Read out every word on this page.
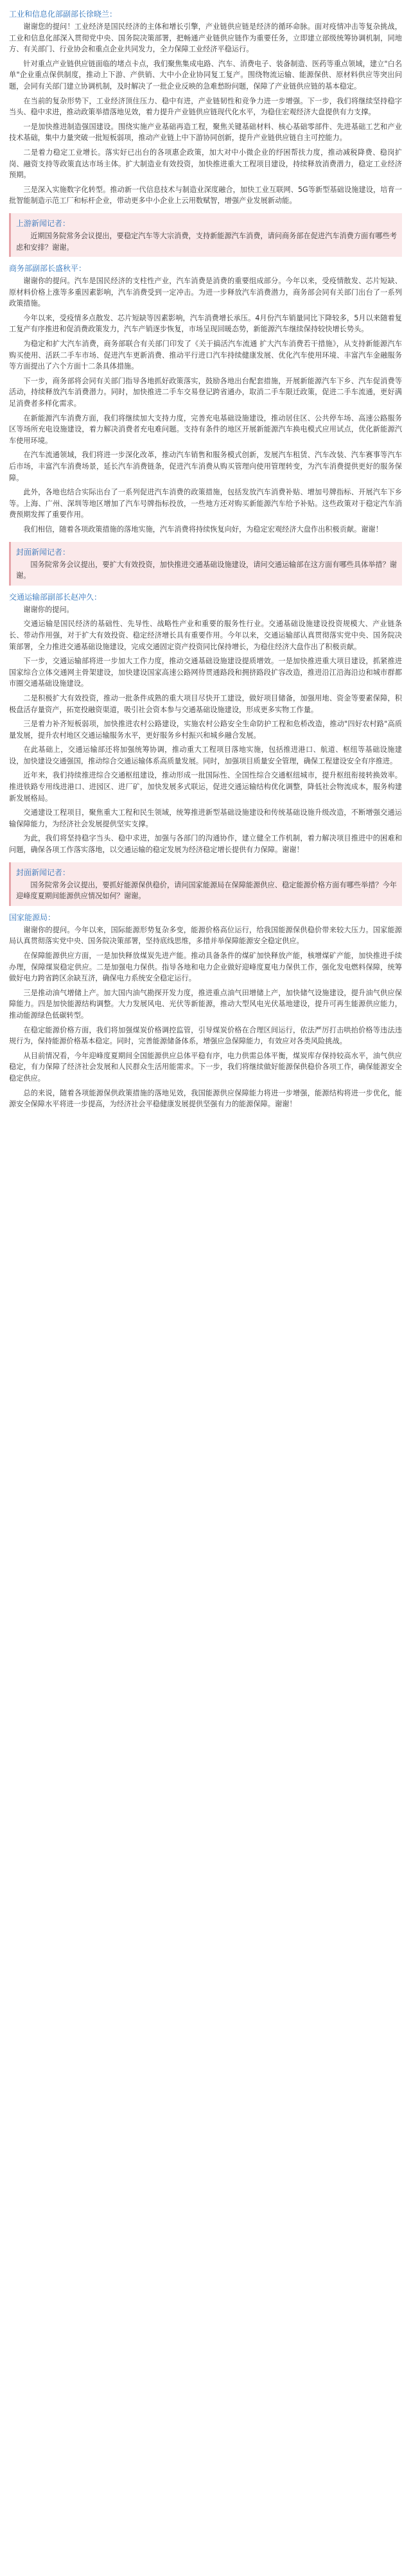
工业和信息化部副部长徐晓兰：

谢谢您的提问！工业经济是国民经济的主体和增长引擎，产业链供应链是经济的循环命脉。面对疫情冲击等复杂挑战，工业和信息化部深入贯彻党中央、国务院决策部署，把畅通产业链供应链作为重要任务，立即建立部级统筹协调机制，同地方、有关部门、行业协会和重点企业共同发力，全力保障工业经济平稳运行。

针对重点产业链供应链面临的堵点卡点，我们聚焦集成电路、汽车、消费电子、装备制造、医药等重点领域，建立"白名单"企业重点保供制度，推动上下游、产供销、大中小企业协同复工复产。围绕物流运输、能源保供、原材料供应等突出问题，会同有关部门建立协调机制，及时解决了一批企业反映的急难愁盼问题，保障了产业链供应链的基本稳定。

在当前的复杂形势下，工业经济顶住压力、稳中有进，产业链韧性和竞争力进一步增强。下一步，我们将继续坚持稳字当头、稳中求进，推动政策举措落地见效，着力提升产业链供应链现代化水平，为稳住宏观经济大盘提供有力支撑。

一是加快推进制造强国建设。围绕实施产业基础再造工程，聚焦关键基础材料、核心基础零部件、先进基础工艺和产业技术基础，集中力量突破一批短板弱项，推动产业链上中下游协同创新，提升产业链供应链自主可控能力。

二是着力稳定工业增长。落实好已出台的各项惠企政策，加大对中小微企业的纾困帮扶力度，推动减税降费、稳岗扩岗、融资支持等政策直达市场主体。扩大制造业有效投资，加快推进重大工程项目建设，持续释放消费潜力，稳定工业经济预期。

三是深入实施数字化转型。推动新一代信息技术与制造业深度融合，加快工业互联网、5G等新型基础设施建设，培育一批智能制造示范工厂和标杆企业，带动更多中小企业上云用数赋智，增强产业发展新动能。

上游新闻记者：

近期国务院常务会议提出，要稳定汽车等大宗消费，支持新能源汽车消费，请问商务部在促进汽车消费方面有哪些考虑和安排？谢谢。

商务部副部长盛秋平：

谢谢你的提问。汽车是国民经济的支柱性产业，汽车消费是消费的重要组成部分。今年以来，受疫情散发、芯片短缺、原材料价格上涨等多重因素影响，汽车消费受到一定冲击。为进一步释放汽车消费潜力，商务部会同有关部门出台了一系列政策措施。

今年以来，受疫情多点散发、芯片短缺等因素影响，汽车消费增长承压。4月份汽车销量同比下降较多，5月以来随着复工复产有序推进和促消费政策发力，汽车产销逐步恢复，市场呈现回暖态势，新能源汽车继续保持较快增长势头。

为稳定和扩大汽车消费，商务部联合有关部门印发了《关于搞活汽车流通 扩大汽车消费若干措施》，从支持新能源汽车购买使用、活跃二手车市场、促进汽车更新消费、推动平行进口汽车持续健康发展、优化汽车使用环境、丰富汽车金融服务等方面提出了六个方面十二条具体措施。

下一步，商务部将会同有关部门指导各地抓好政策落实，鼓励各地出台配套措施，开展新能源汽车下乡、汽车促消费等活动，持续释放汽车消费潜力。同时，加快推进二手车交易登记跨省通办，取消二手车限迁政策，促进二手车流通，更好满足消费者多样化需求。

在新能源汽车消费方面，我们将继续加大支持力度，完善充电基础设施建设，推动居住区、公共停车场、高速公路服务区等场所充电设施建设，着力解决消费者充电难问题。支持有条件的地区开展新能源汽车换电模式应用试点，优化新能源汽车使用环境。

在汽车流通领域，我们将进一步深化改革，推动汽车销售和服务模式创新，发展汽车租赁、汽车改装、汽车赛事等汽车后市场，丰富汽车消费场景，延长汽车消费链条，促进汽车消费从购买管理向使用管理转变，为汽车消费提供更好的服务保障。

此外，各地也结合实际出台了一系列促进汽车消费的政策措施，包括发放汽车消费补贴、增加号牌指标、开展汽车下乡等。上海、广州、深圳等地区增加了汽车号牌指标投放，一些地方还对购买新能源汽车给予补贴。这些政策对于稳定汽车消费预期发挥了重要作用。

我们相信，随着各项政策措施的落地实施，汽车消费将持续恢复向好，为稳定宏观经济大盘作出积极贡献。谢谢！

封面新闻记者：

国务院常务会议提出，要扩大有效投资，加快推进交通基础设施建设，请问交通运输部在这方面有哪些具体举措？谢谢。

交通运输部副部长赵冲久：

谢谢你的提问。

交通运输是国民经济的基础性、先导性、战略性产业和重要的服务性行业。交通基础设施建设投资规模大、产业链条长、带动作用强，对于扩大有效投资、稳定经济增长具有重要作用。今年以来，交通运输部认真贯彻落实党中央、国务院决策部署，全力推进交通基础设施建设，完成交通固定资产投资同比保持增长，为稳住经济大盘作出了积极贡献。

下一步，交通运输部将进一步加大工作力度，推动交通基础设施建设提质增效。一是加快推进重大项目建设，抓紧推进国家综合立体交通网主骨架建设，加快建设国家高速公路网待贯通路段和拥挤路段扩容改造，推进沿江沿海沿边和城市群都市圈交通基础设施建设。

二是积极扩大有效投资，推动一批条件成熟的重大项目尽快开工建设，做好项目储备，加强用地、资金等要素保障，积极盘活存量资产，拓宽投融资渠道，吸引社会资本参与交通基础设施建设，形成更多实物工作量。

三是着力补齐短板弱项，加快推进农村公路建设，实施农村公路安全生命防护工程和危桥改造，推动"四好农村路"高质量发展，提升农村地区交通运输服务水平，更好服务乡村振兴和城乡融合发展。

在此基础上，交通运输部还将加强统筹协调，推动重大工程项目落地实施，包括推进港口、航道、枢纽等基础设施建设，加快建设交通强国，推动综合交通运输体系高质量发展。同时，加强项目质量安全管理，确保工程建设安全有序推进。

近年来，我们持续推进综合交通枢纽建设，推动形成一批国际性、全国性综合交通枢纽城市，提升枢纽衔接转换效率。推进铁路专用线进港口、进园区、进厂矿，加快发展多式联运，促进交通运输结构优化调整，降低社会物流成本，服务构建新发展格局。

交通建设工程项目，聚焦重大工程和民生领域，统筹推进新型基础设施建设和传统基础设施升级改造，不断增强交通运输保障能力，为经济社会发展提供坚实支撑。

为此，我们将坚持稳字当头、稳中求进，加强与各部门的沟通协作，建立健全工作机制，着力解决项目推进中的困难和问题，确保各项工作落实落地，以交通运输的稳定发展为经济稳定增长提供有力保障。谢谢！

封面新闻记者：

国务院常务会议提出，要抓好能源保供稳价，请问国家能源局在保障能源供应、稳定能源价格方面有哪些举措？今年迎峰度夏期间能源供应情况如何？谢谢。

国家能源局：

谢谢你的提问。今年以来，国际能源形势复杂多变，能源价格高位运行，给我国能源保供稳价带来较大压力。国家能源局认真贯彻落实党中央、国务院决策部署，坚持底线思维，多措并举保障能源安全稳定供应。

在保障能源供应方面，一是加快释放煤炭先进产能。推动具备条件的煤矿加快释放产能，核增煤矿产能，加快推进手续办理，保障煤炭稳定供应。二是加强电力保供。指导各地和电力企业做好迎峰度夏电力保供工作，强化发电燃料保障，统筹做好电力跨省跨区余缺互济，确保电力系统安全稳定运行。

三是推动油气增储上产。加大国内油气勘探开发力度，推进重点油气田增储上产，加快储气设施建设，提升油气供应保障能力。四是加快能源结构调整。大力发展风电、光伏等新能源，推动大型风电光伏基地建设，提升可再生能源供应能力，推动能源绿色低碳转型。

在稳定能源价格方面，我们将加强煤炭价格调控监管，引导煤炭价格在合理区间运行，依法严厉打击哄抬价格等违法违规行为，保持能源价格基本稳定。同时，完善能源储备体系，增强应急保障能力，有效应对各类风险挑战。

从目前情况看，今年迎峰度夏期间全国能源供应总体平稳有序，电力供需总体平衡，煤炭库存保持较高水平，油气供应稳定，有力保障了经济社会发展和人民群众生活用能需求。下一步，我们将继续做好能源保供稳价各项工作，确保能源安全稳定供应。

总的来说，随着各项能源保供政策措施的落地见效，我国能源供应保障能力将进一步增强，能源结构将进一步优化，能源安全保障水平将进一步提高，为经济社会平稳健康发展提供坚强有力的能源保障。谢谢！
